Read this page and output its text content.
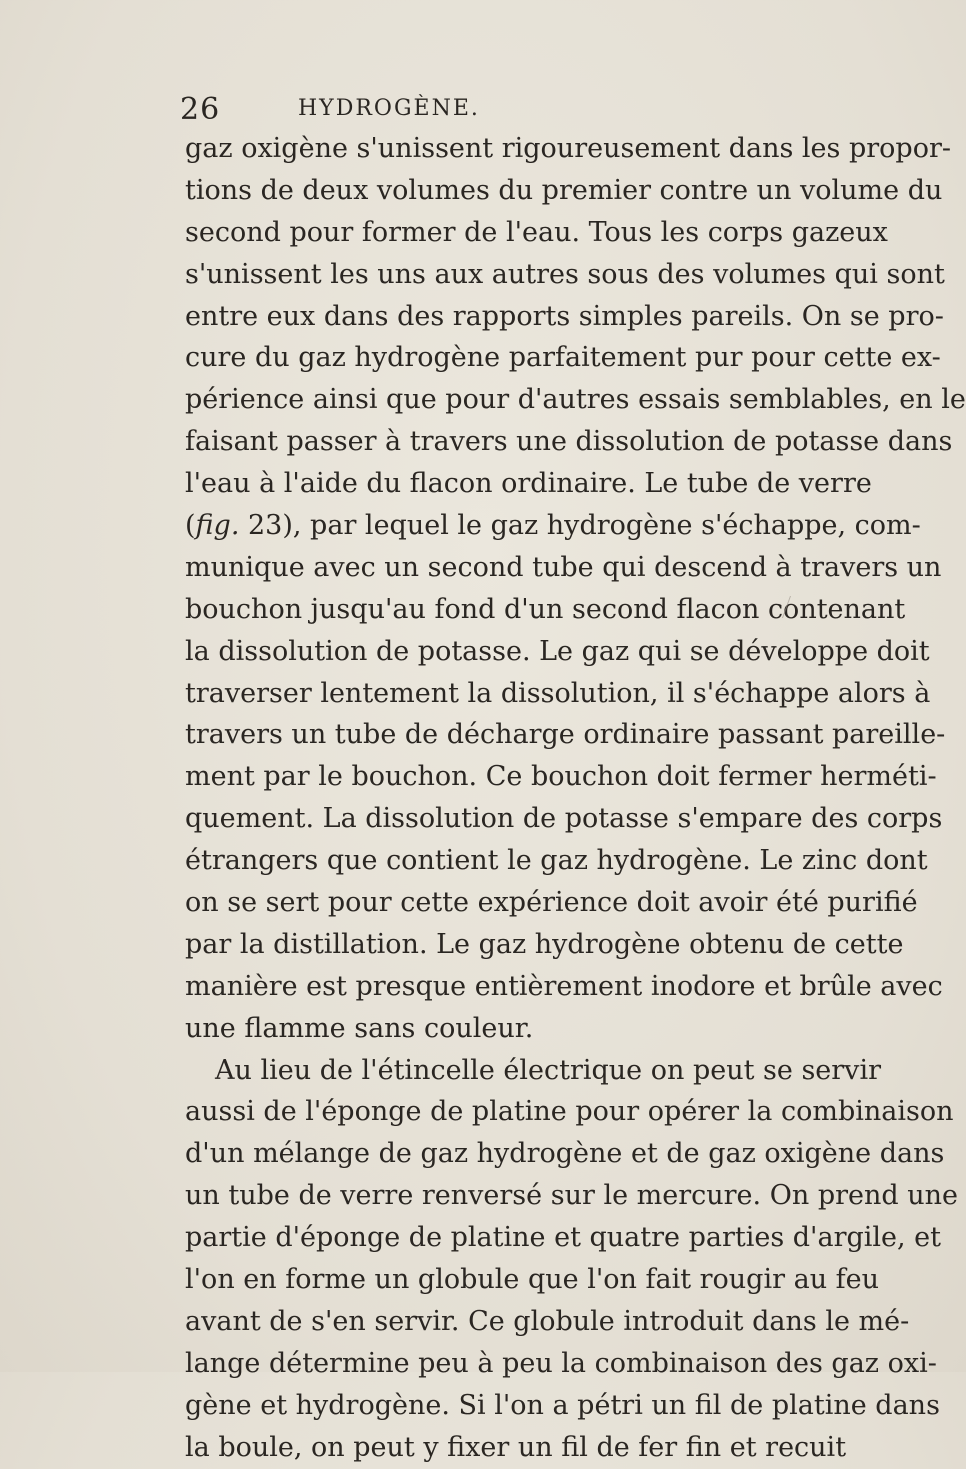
26	HYDROGÈNE.
gaz oxigène s'unissent rigoureusement dans les propor-
tions de deux volumes du premier contre un volume du
second pour former de l'eau. Tous les corps gazeux
s'unissent les uns aux autres sous des volumes qui sont
entre eux dans des rapports simples pareils. On se pro-
cure du gaz hydrogène parfaitement pur pour cette ex-
périence ainsi que pour d'autres essais semblables, en le
faisant passer à travers une dissolution de potasse dans
l'eau à l'aide du flacon ordinaire. Le tube de verre
(fig. 23), par lequel le gaz hydrogène s'échappe, com-
munique avec un second tube qui descend à travers un
bouchon jusqu'au fond d'un second flacon contenant
la dissolution de potasse. Le gaz qui se développe doit
traverser lentement la dissolution, il s'échappe alors à
travers un tube de décharge ordinaire passant pareille-
ment par le bouchon. Ce bouchon doit fermer herméti-
quement. La dissolution de potasse s'empare des corps
étrangers que contient le gaz hydrogène. Le zinc dont
on se sert pour cette expérience doit avoir été purifié
par la distillation. Le gaz hydrogène obtenu de cette
manière est presque entièrement inodore et brûle avec
une flamme sans couleur.
Au lieu de l'étincelle électrique on peut se servir
aussi de l'éponge de platine pour opérer la combinaison
d'un mélange de gaz hydrogène et de gaz oxigène dans
un tube de verre renversé sur le mercure. On prend une
partie d'éponge de platine et quatre parties d'argile, et
l'on en forme un globule que l'on fait rougir au feu
avant de s'en servir. Ce globule introduit dans le mé-
lange détermine peu à peu la combinaison des gaz oxi-
gène et hydrogène. Si l'on a pétri un fil de platine dans
la boule, on peut y fixer un fil de fer fin et recuit
